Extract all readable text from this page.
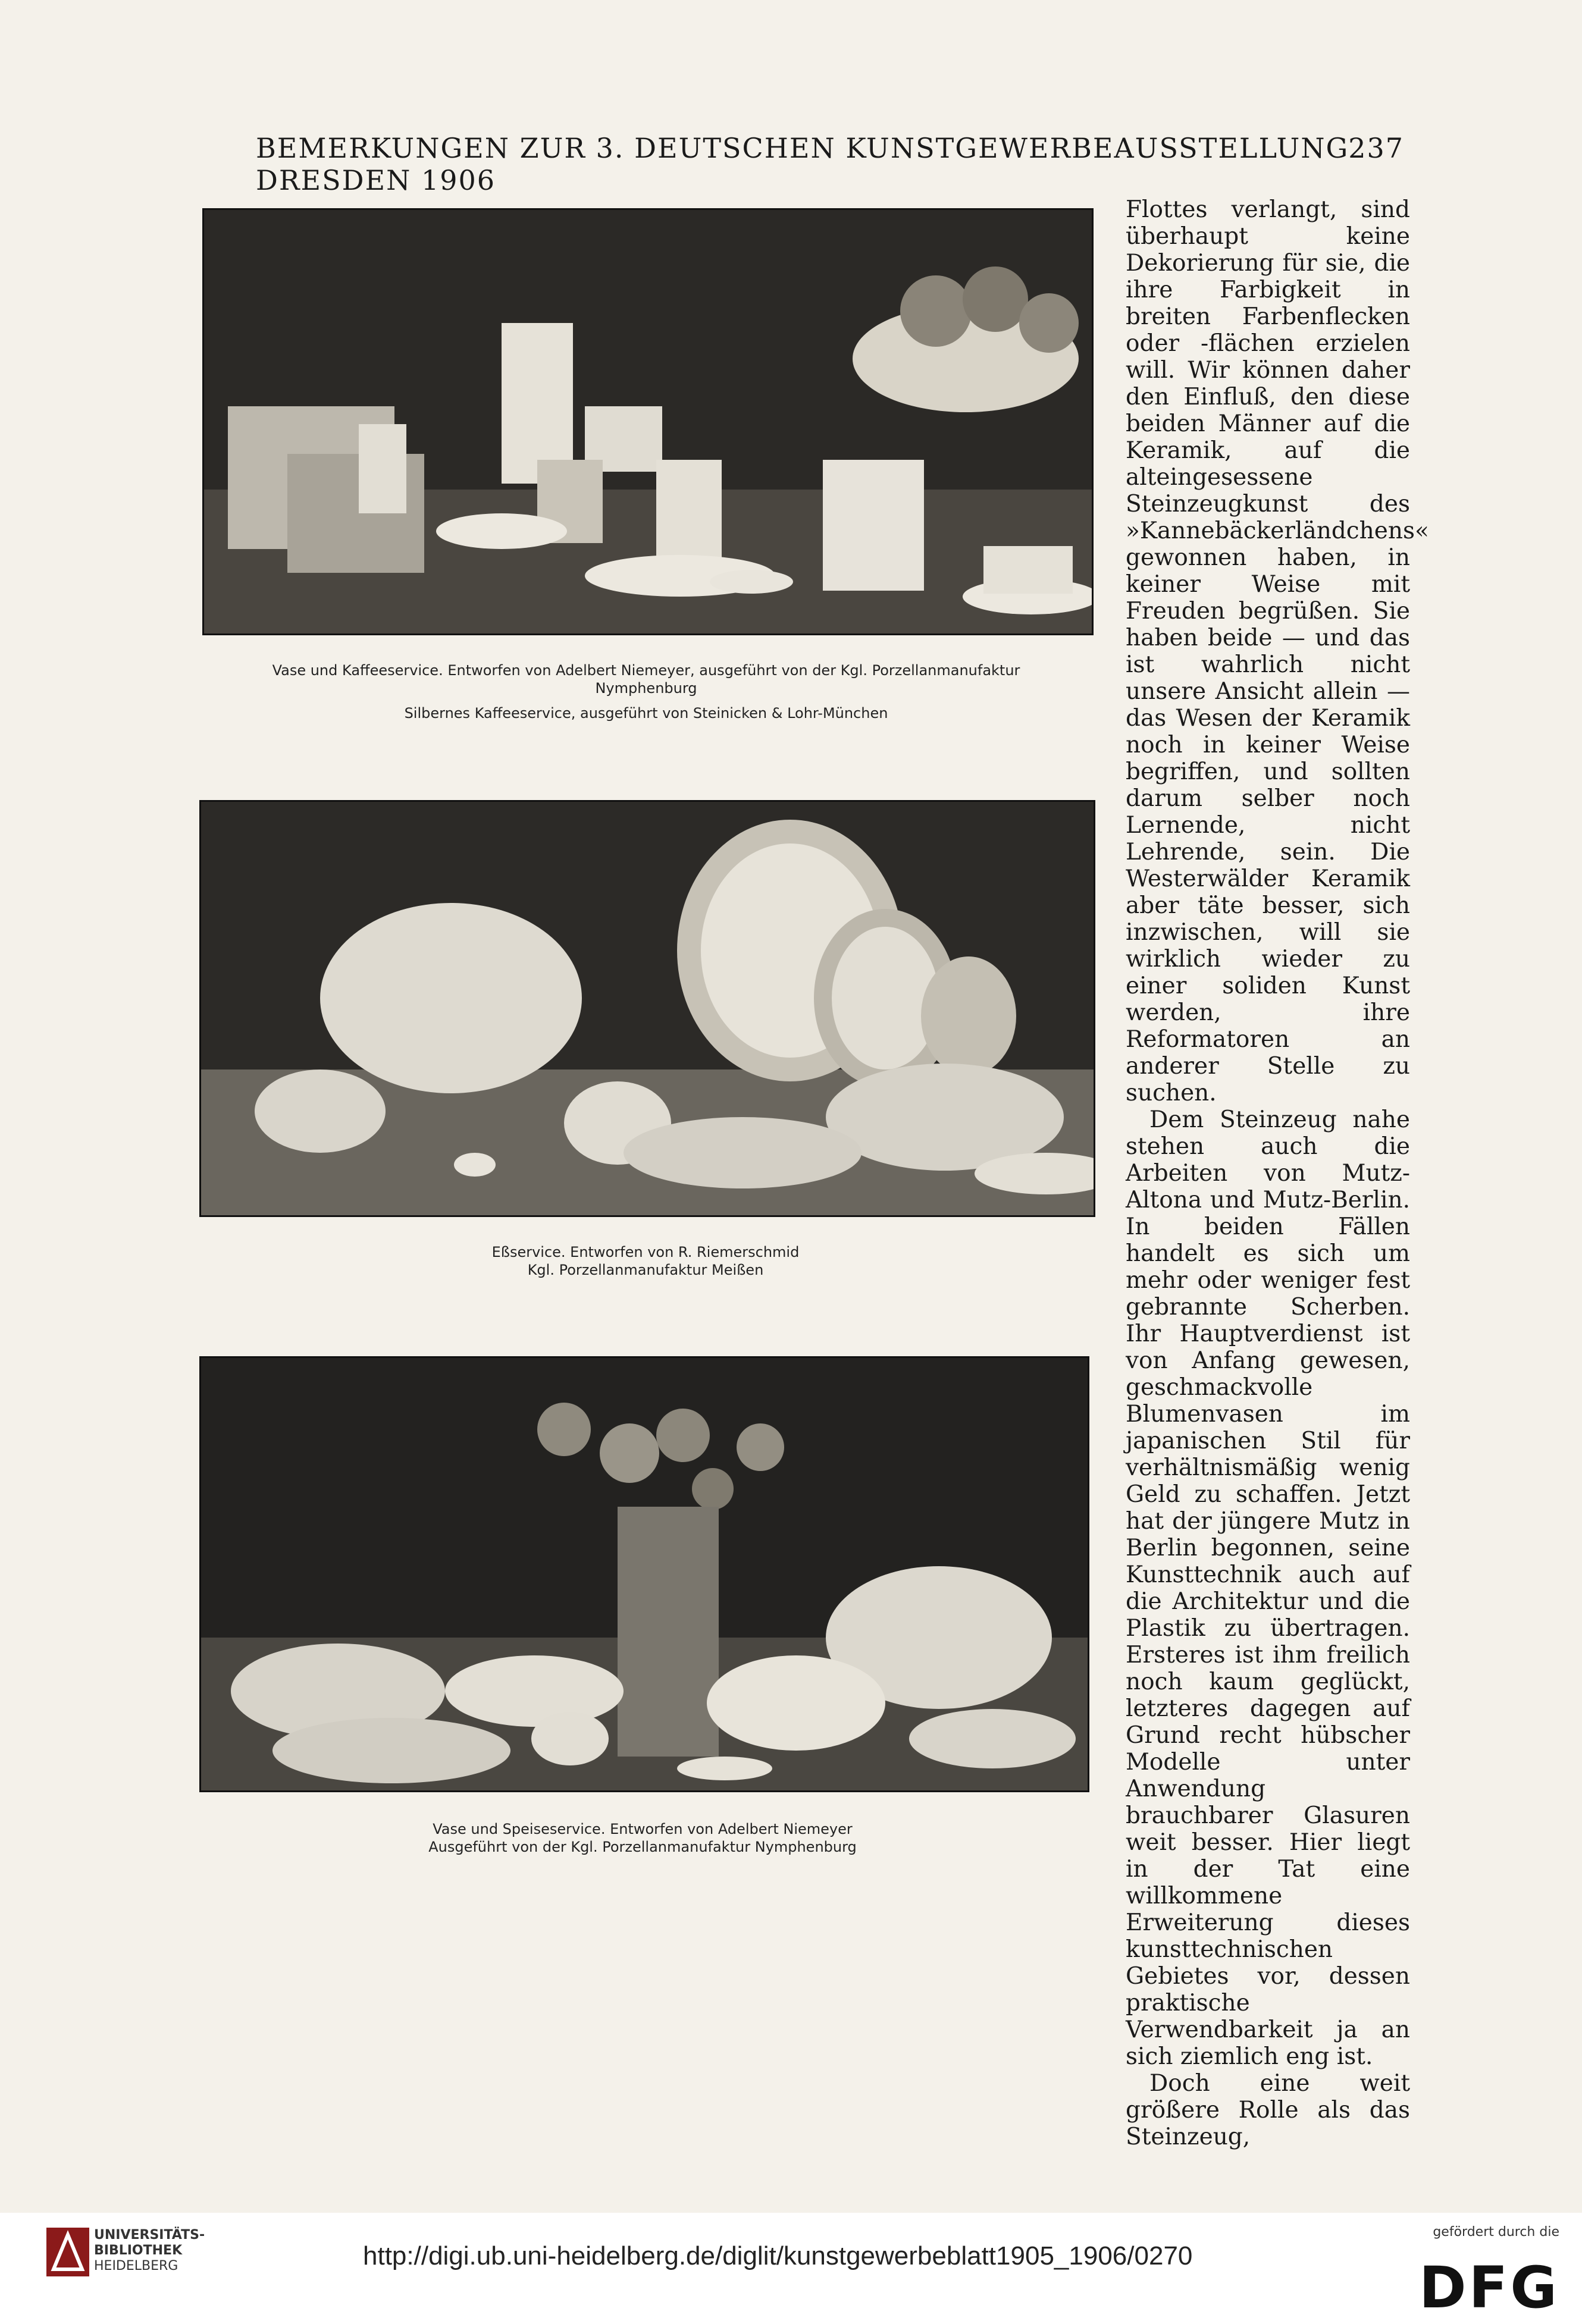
BEMERKUNGEN ZUR 3. DEUTSCHEN KUNSTGEWERBEAUSSTELLUNG DRESDEN 1906
237
Vase und Kaffeeservice. Entworfen von Adelbert Niemeyer, ausgeführt von der Kgl. Porzellanmanufaktur
Nymphenburg
Silbernes Kaffeeservice, ausgeführt von Steinicken & Lohr-München
Eßservice. Entworfen von R. Riemerschmid
Kgl. Porzellanmanufaktur Meißen
Vase und Speiseservice. Entworfen von Adelbert Niemeyer
Ausgeführt von der Kgl. Porzellanmanufaktur Nymphenburg

Flottes verlangt, sind überhaupt keine Dekorierung für sie, die ihre Farbigkeit in breiten Farbenflecken oder -flächen erzielen will. Wir können daher den Einfluß, den diese beiden Männer auf die Keramik, auf die alteingesessene Steinzeugkunst des »Kannebäckerländchens« gewonnen haben, in keiner Weise mit Freuden begrüßen. Sie haben beide — und das ist wahrlich nicht unsere Ansicht allein — das Wesen der Keramik noch in keiner Weise begriffen, und sollten darum selber noch Lernende, nicht Lehrende, sein. Die Westerwälder Keramik aber täte besser, sich inzwischen, will sie wirklich wieder zu einer soliden Kunst werden, ihre Reformatoren an anderer Stelle zu suchen.

Dem Steinzeug nahe stehen auch die Arbeiten von Mutz-Altona und Mutz-Berlin. In beiden Fällen handelt es sich um mehr oder weniger fest gebrannte Scherben. Ihr Hauptverdienst ist von Anfang gewesen, geschmackvolle Blumenvasen im japanischen Stil für verhältnismäßig wenig Geld zu schaffen. Jetzt hat der jüngere Mutz in Berlin begonnen, seine Kunsttechnik auch auf die Architektur und die Plastik zu übertragen. Ersteres ist ihm freilich noch kaum geglückt, letzteres dagegen auf Grund recht hübscher Modelle unter Anwendung brauchbarer Glasuren weit besser. Hier liegt in der Tat eine willkommene Erweiterung dieses kunsttechnischen Gebietes vor, dessen praktische Verwendbarkeit ja an sich ziemlich eng ist.

Doch eine weit größere Rolle als das Steinzeug,

UNIVERSITÄTS-
BIBLIOTHEK
HEIDELBERG	http://digi.ub.uni-heidelberg.de/diglit/kunstgewerbeblatt1905_1906/0270
gefördert durch die
DFG
